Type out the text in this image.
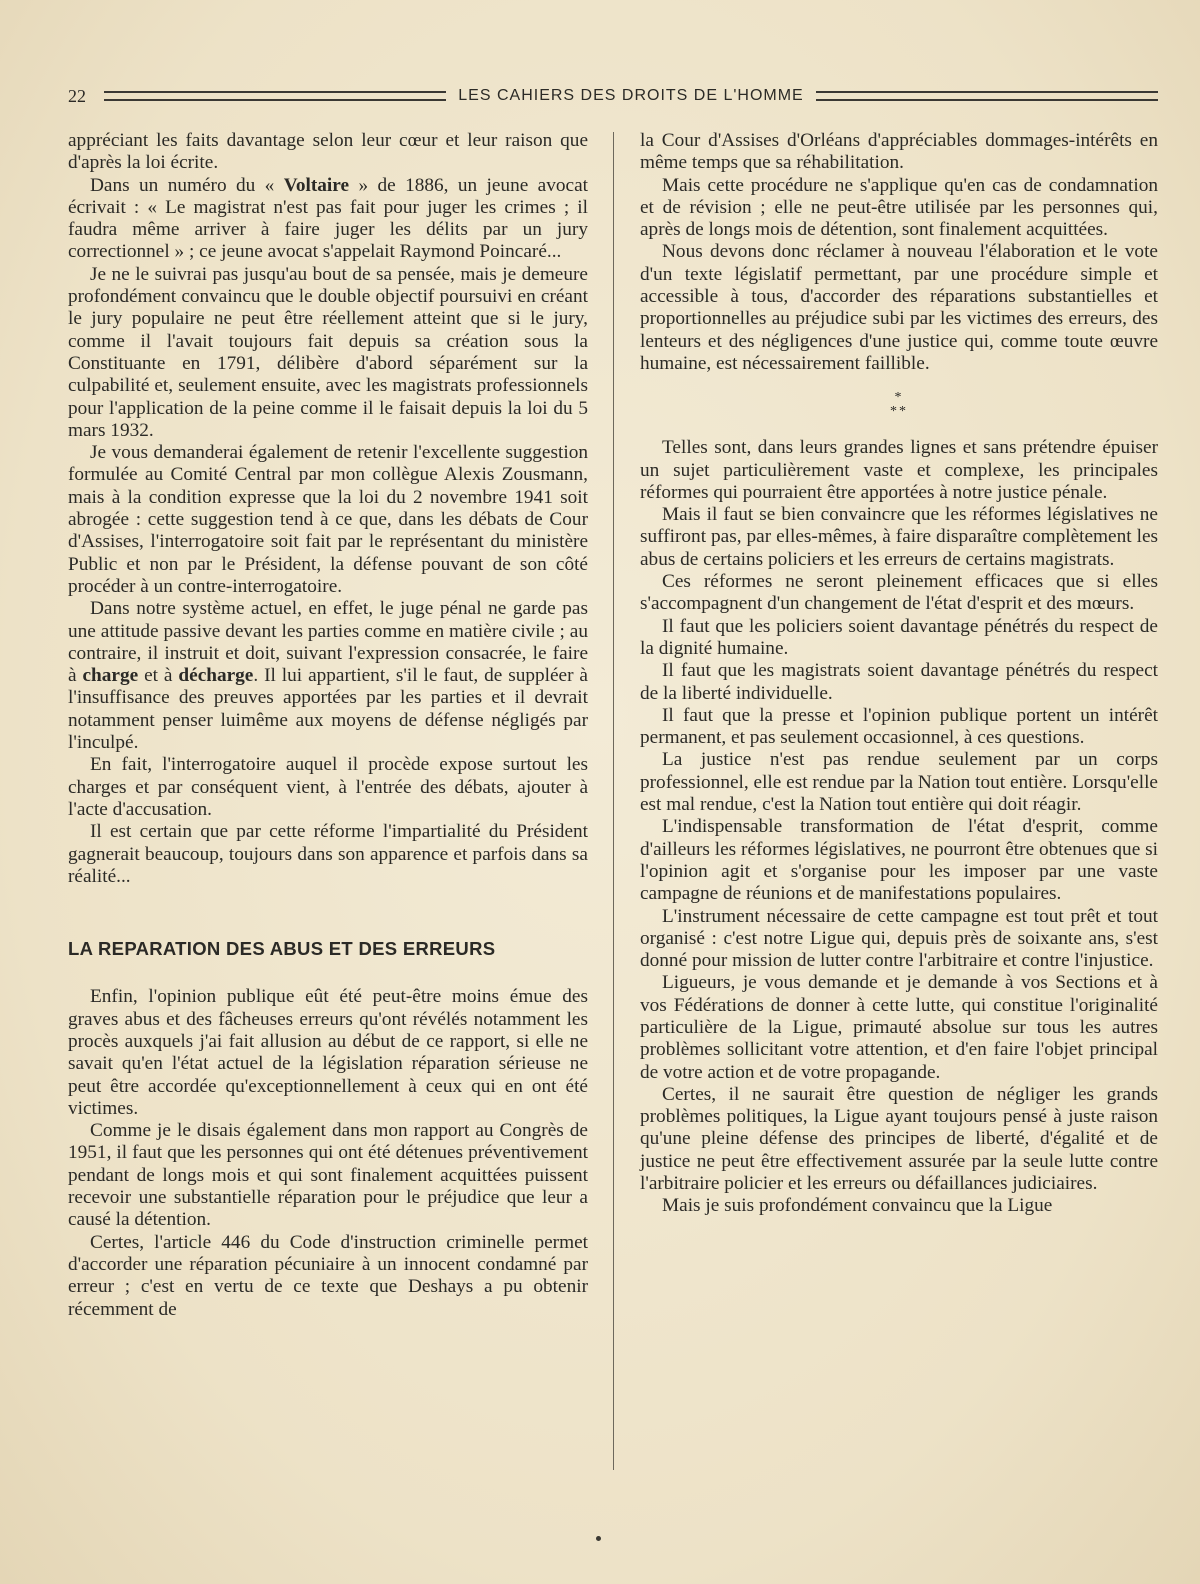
22	LES CAHIERS DES DROITS DE L'HOMME

appréciant les faits davantage selon leur cœur et leur raison que d'après la loi écrite.

Dans un numéro du « Voltaire » de 1886, un jeune avocat écrivait : « Le magistrat n'est pas fait pour juger les crimes ; il faudra même arriver à faire juger les délits par un jury correctionnel » ; ce jeune avocat s'appelait Raymond Poincaré...

Je ne le suivrai pas jusqu'au bout de sa pensée, mais je demeure profondément convaincu que le double objectif poursuivi en créant le jury populaire ne peut être réellement atteint que si le jury, comme il l'avait toujours fait depuis sa création sous la Constituante en 1791, délibère d'abord séparément sur la culpabilité et, seulement ensuite, avec les magistrats professionnels pour l'application de la peine comme il le faisait depuis la loi du 5 mars 1932.

Je vous demanderai également de retenir l'excellente suggestion formulée au Comité Central par mon collègue Alexis Zousmann, mais à la condition expresse que la loi du 2 novembre 1941 soit abrogée : cette suggestion tend à ce que, dans les débats de Cour d'Assises, l'interrogatoire soit fait par le représentant du ministère Public et non par le Président, la défense pouvant de son côté procéder à un contre-interrogatoire.

Dans notre système actuel, en effet, le juge pénal ne garde pas une attitude passive devant les parties comme en matière civile ; au contraire, il instruit et doit, suivant l'expression consacrée, le faire à charge et à décharge. Il lui appartient, s'il le faut, de suppléer à l'insuffisance des preuves apportées par les parties et il devrait notamment penser luimême aux moyens de défense négligés par l'inculpé.

En fait, l'interrogatoire auquel il procède expose surtout les charges et par conséquent vient, à l'entrée des débats, ajouter à l'acte d'accusation.

Il est certain que par cette réforme l'impartialité du Président gagnerait beaucoup, toujours dans son apparence et parfois dans sa réalité...

LA REPARATION DES ABUS ET DES ERREURS

Enfin, l'opinion publique eût été peut-être moins émue des graves abus et des fâcheuses erreurs qu'ont révélés notamment les procès auxquels j'ai fait allusion au début de ce rapport, si elle ne savait qu'en l'état actuel de la législation réparation sérieuse ne peut être accordée qu'exceptionnellement à ceux qui en ont été victimes.

Comme je le disais également dans mon rapport au Congrès de 1951, il faut que les personnes qui ont été détenues préventivement pendant de longs mois et qui sont finalement acquittées puissent recevoir une substantielle réparation pour le préjudice que leur a causé la détention.

Certes, l'article 446 du Code d'instruction criminelle permet d'accorder une réparation pécuniaire à un innocent condamné par erreur ; c'est en vertu de ce texte que Deshays a pu obtenir récemment de

la Cour d'Assises d'Orléans d'appréciables dommages-intérêts en même temps que sa réhabilitation.

Mais cette procédure ne s'applique qu'en cas de condamnation et de révision ; elle ne peut-être utilisée par les personnes qui, après de longs mois de détention, sont finalement acquittées.

Nous devons donc réclamer à nouveau l'élaboration et le vote d'un texte législatif permettant, par une procédure simple et accessible à tous, d'accorder des réparations substantielles et proportionnelles au préjudice subi par les victimes des erreurs, des lenteurs et des négligences d'une justice qui, comme toute œuvre humaine, est nécessairement faillible.

*
**

Telles sont, dans leurs grandes lignes et sans prétendre épuiser un sujet particulièrement vaste et complexe, les principales réformes qui pourraient être apportées à notre justice pénale.

Mais il faut se bien convaincre que les réformes législatives ne suffiront pas, par elles-mêmes, à faire disparaître complètement les abus de certains policiers et les erreurs de certains magistrats.

Ces réformes ne seront pleinement efficaces que si elles s'accompagnent d'un changement de l'état d'esprit et des mœurs.

Il faut que les policiers soient davantage pénétrés du respect de la dignité humaine.

Il faut que les magistrats soient davantage pénétrés du respect de la liberté individuelle.

Il faut que la presse et l'opinion publique portent un intérêt permanent, et pas seulement occasionnel, à ces questions.

La justice n'est pas rendue seulement par un corps professionnel, elle est rendue par la Nation tout entière. Lorsqu'elle est mal rendue, c'est la Nation tout entière qui doit réagir.

L'indispensable transformation de l'état d'esprit, comme d'ailleurs les réformes législatives, ne pourront être obtenues que si l'opinion agit et s'organise pour les imposer par une vaste campagne de réunions et de manifestations populaires.

L'instrument nécessaire de cette campagne est tout prêt et tout organisé : c'est notre Ligue qui, depuis près de soixante ans, s'est donné pour mission de lutter contre l'arbitraire et contre l'injustice.

Ligueurs, je vous demande et je demande à vos Sections et à vos Fédérations de donner à cette lutte, qui constitue l'originalité particulière de la Ligue, primauté absolue sur tous les autres problèmes sollicitant votre attention, et d'en faire l'objet principal de votre action et de votre propagande.

Certes, il ne saurait être question de négliger les grands problèmes politiques, la Ligue ayant toujours pensé à juste raison qu'une pleine défense des principes de liberté, d'égalité et de justice ne peut être effectivement assurée par la seule lutte contre l'arbitraire policier et les erreurs ou défaillances judiciaires.

Mais je suis profondément convaincu que la Ligue
